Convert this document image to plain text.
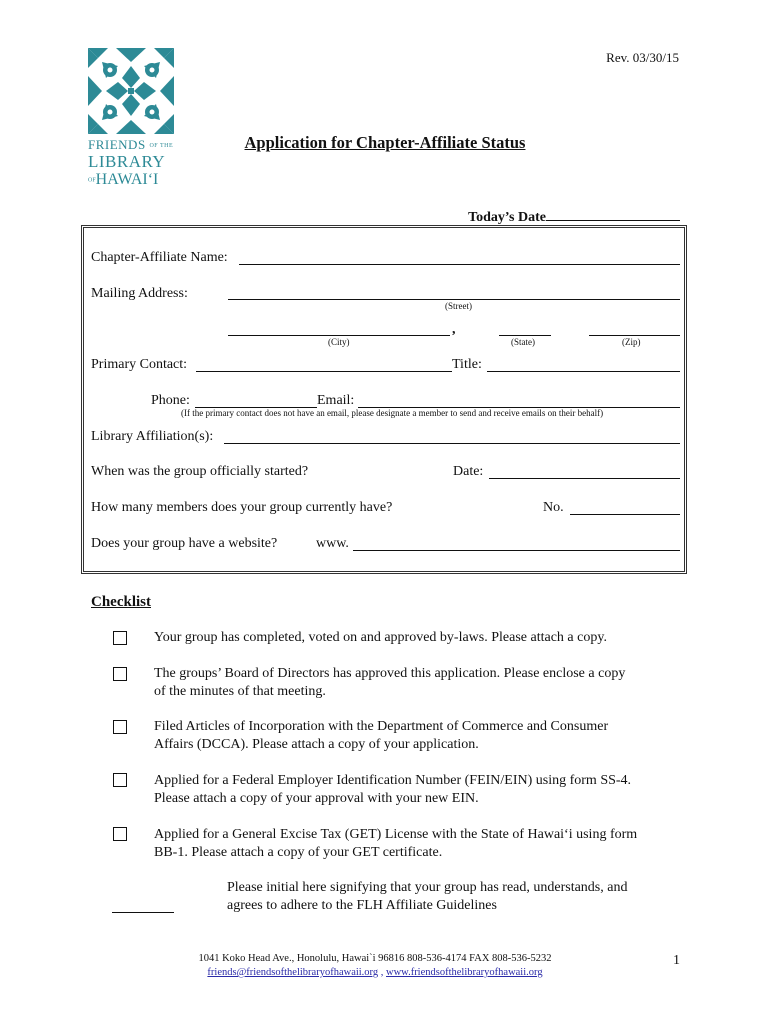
FRIENDS OF THE
LIBRARY
OFHAWAI‘I
Rev. 03/30/15
Application for Chapter-Affiliate Status
Today’s Date
Chapter-Affiliate Name:
Mailing Address:
(Street)
,
(City)	(State)	(Zip)
Primary Contact:	Title:
Phone:	Email:
(If the primary contact does not have an email, please designate a member to send and receive emails on their behalf)
Library Affiliation(s):
When was the group officially started?	Date:
How many members does your group currently have?	No.
Does your group have a website?	www.
Checklist
Your group has completed, voted on and approved by-laws. Please attach a copy.
The groups’ Board of Directors has approved this application. Please enclose a copy
of the minutes of that meeting.
Filed Articles of Incorporation with the Department of Commerce and Consumer
Affairs (DCCA). Please attach a copy of your application.
Applied for a Federal Employer Identification Number (FEIN/EIN) using form SS-4.
Please attach a copy of your approval with your new EIN.
Applied for a General Excise Tax (GET) License with the State of Hawai‘i using form
BB-1. Please attach a copy of your GET certificate.
Please initial here signifying that your group has read, understands, and
agrees to adhere to the FLH Affiliate Guidelines
1041 Koko Head Ave., Honolulu, Hawai`i 96816 808-536-4174 FAX 808-536-5232
friends@friendsofthelibraryofhawaii.org , www.friendsofthelibraryofhawaii.org
1
